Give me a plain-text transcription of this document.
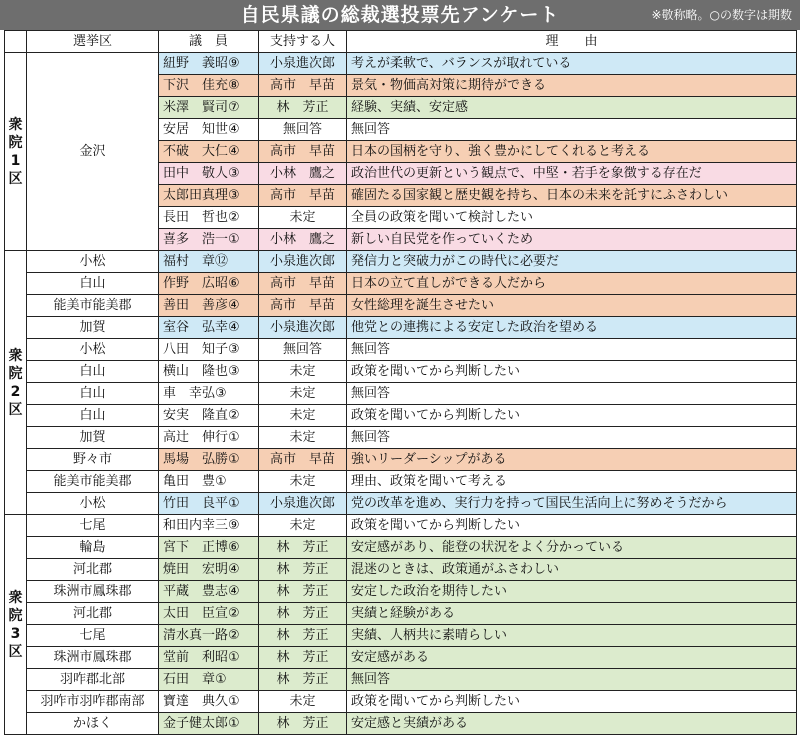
自民県議の総裁選投票先アンケート	※敬称略。○の数字は期数
	選挙区	議　員	支持する人	理　　由

衆院1区	金沢	紐野　義昭⑨	小泉進次郎	考えが柔軟で、バランスが取れている
		下沢　佳充⑧	高市　早苗	景気・物価高対策に期待ができる
		米澤　賢司⑦	林　芳正	経験、実績、安定感
		安居　知世④	無回答	無回答
		不破　大仁④	高市　早苗	日本の国柄を守り、強く豊かにしてくれると考える
		田中　敬人③	小林　鷹之	政治世代の更新という観点で、中堅・若手を象徴する存在だ
		太郎田真理③	高市　早苗	確固たる国家観と歴史観を持ち、日本の未来を託すにふさわしい
		長田　哲也②	未定	全員の政策を聞いて検討したい
		喜多　浩一①	小林　鷹之	新しい自民党を作っていくため

衆院2区	小松	福村　章⑫	小泉進次郎	発信力と突破力がこの時代に必要だ
	白山	作野　広昭⑥	高市　早苗	日本の立て直しができる人だから
	能美市能美郡	善田　善彦④	高市　早苗	女性総理を誕生させたい
	加賀	室谷　弘幸④	小泉進次郎	他党との連携による安定した政治を望める
	小松	八田　知子③	無回答	無回答
	白山	横山　隆也③	未定	政策を聞いてから判断したい
	白山	車　幸弘③	未定	無回答
	白山	安実　隆直②	未定	政策を聞いてから判断したい
	加賀	高辻　伸行①	未定	無回答
	野々市	馬場　弘勝①	高市　早苗	強いリーダーシップがある
	能美市能美郡	亀田　豊①	未定	理由、政策を聞いて考える
	小松	竹田　良平①	小泉進次郎	党の改革を進め、実行力を持って国民生活向上に努めそうだから

衆院3区	七尾	和田内幸三⑨	未定	政策を聞いてから判断したい
	輪島	宮下　正博⑥	林　芳正	安定感があり、能登の状況をよく分かっている
	河北郡	焼田　宏明④	林　芳正	混迷のときは、政策通がふさわしい
	珠洲市鳳珠郡	平蔵　豊志④	林　芳正	安定した政治を期待したい
	河北郡	太田　臣宣②	林　芳正	実績と経験がある
	七尾	清水真一路②	林　芳正	実績、人柄共に素晴らしい
	珠洲市鳳珠郡	堂前　利昭①	林　芳正	安定感がある
	羽咋郡北部	石田　章①	林　芳正	無回答
	羽咋市羽咋郡南部	寶達　典久①	未定	政策を聞いてから判断したい
	かほく	金子健太郎①	林　芳正	安定感と実績がある
